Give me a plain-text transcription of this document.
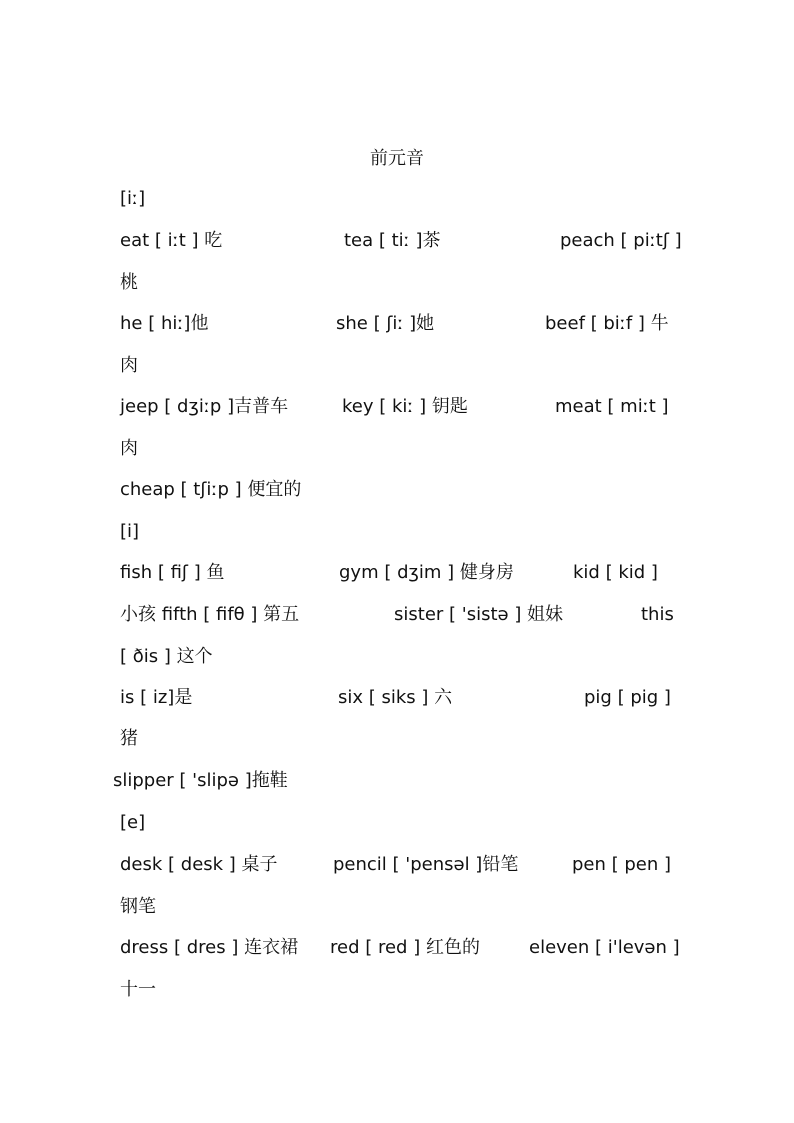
前元音
[iː]
eat [ iːt ] 吃	tea [ tiː ]茶	peach [ piːtʃ ]
桃
he [ hiː]他	she [ ʃiː ]她	beef [ biːf ] 牛
肉
jeep [ dʒiːp ]吉普车	key [ kiː ] 钥匙	meat [ miːt ]
肉
cheap [ tʃiːp ] 便宜的
[i]
fish [ fiʃ ] 鱼	gym [ dʒim ] 健身房	kid [ kid ]
小孩 fifth [ fifθ ] 第五	sister [ 'sistə ] 姐妹	this
[ ðis ] 这个
is [ iz]是	six [ siks ] 六	pig [ pig ]
猪
slipper [ 'slipə ]拖鞋
[e]
desk [ desk ] 桌子	pencil [ 'pensəl ]铅笔	pen [ pen ]
钢笔
dress [ dres ] 连衣裙 red [ red ] 红色的	eleven [ i'levən ]
十一
